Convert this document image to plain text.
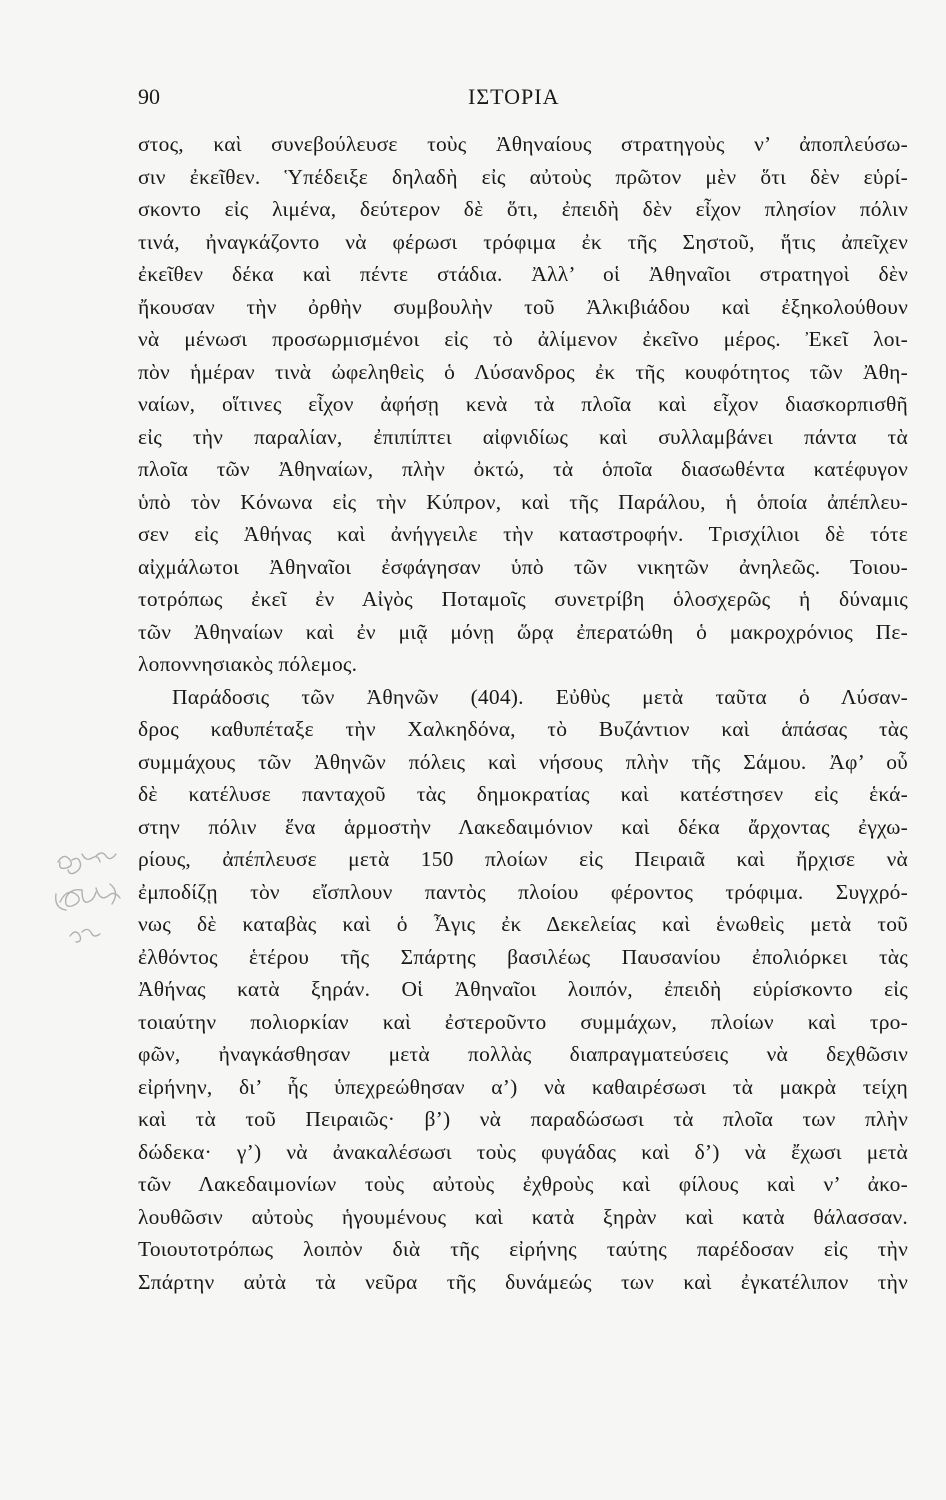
90	ΙΣΤΟΡΙΑ
στος, καὶ συνεβούλευσε τοὺς Ἀθηναίους στρατηγοὺς ν’ ἀποπλεύσω-
σιν ἐκεῖθεν. Ὑπέδειξε δηλαδὴ εἰς αὐτοὺς πρῶτον μὲν ὅτι δὲν εὑρί-
σκοντο εἰς λιμένα, δεύτερον δὲ ὅτι, ἐπειδὴ δὲν εἶχον πλησίον πόλιν
τινά, ἠναγκάζοντο νὰ φέρωσι τρόφιμα ἐκ τῆς Σηστοῦ, ἥτις ἀπεῖχεν
ἐκεῖθεν δέκα καὶ πέντε στάδια. Ἀλλ’ οἱ Ἀθηναῖοι στρατηγοὶ δὲν
ἤκουσαν τὴν ὀρθὴν συμβουλὴν τοῦ Ἀλκιβιάδου καὶ ἐξηκολούθουν
νὰ μένωσι προσωρμισμένοι εἰς τὸ ἀλίμενον ἐκεῖνο μέρος. Ἐκεῖ λοι-
πὸν ἡμέραν τινὰ ὠφεληθεὶς ὁ Λύσανδρος ἐκ τῆς κουφότητος τῶν Ἀθη-
ναίων, οἵτινες εἶχον ἀφήσῃ κενὰ τὰ πλοῖα καὶ εἶχον διασκορπισθῆ
εἰς τὴν παραλίαν, ἐπιπίπτει αἰφνιδίως καὶ συλλαμβάνει πάντα τὰ
πλοῖα τῶν Ἀθηναίων, πλὴν ὀκτώ, τὰ ὁποῖα διασωθέντα κατέφυγον
ὑπὸ τὸν Κόνωνα εἰς τὴν Κύπρον, καὶ τῆς Παράλου, ἡ ὁποία ἀπέπλευ-
σεν εἰς Ἀθήνας καὶ ἀνήγγειλε τὴν καταστροφήν. Τρισχίλιοι δὲ τότε
αἰχμάλωτοι Ἀθηναῖοι ἐσφάγησαν ὑπὸ τῶν νικητῶν ἀνηλεῶς. Τοιου-
τοτρόπως ἐκεῖ ἐν Αἰγὸς Ποταμοῖς συνετρίβη ὁλοσχερῶς ἡ δύναμις
τῶν Ἀθηναίων καὶ ἐν μιᾷ μόνῃ ὥρᾳ ἐπερατώθη ὁ μακροχρόνιος Πε-
λοποννησιακὸς πόλεμος.
Παράδοσις τῶν Ἀθηνῶν (404). Εὐθὺς μετὰ ταῦτα ὁ Λύσαν-
δρος καθυπέταξε τὴν Χαλκηδόνα, τὸ Βυζάντιον καὶ ἁπάσας τὰς
συμμάχους τῶν Ἀθηνῶν πόλεις καὶ νήσους πλὴν τῆς Σάμου. Ἀφ’ οὗ
δὲ κατέλυσε πανταχοῦ τὰς δημοκρατίας καὶ κατέστησεν εἰς ἑκά-
στην πόλιν ἕνα ἁρμοστὴν Λακεδαιμόνιον καὶ δέκα ἄρχοντας ἐγχω-
ρίους, ἀπέπλευσε μετὰ 150 πλοίων εἰς Πειραιᾶ καὶ ἤρχισε νὰ
ἐμποδίζῃ τὸν εἴσπλουν παντὸς πλοίου φέροντος τρόφιμα. Συγχρό-
νως δὲ καταβὰς καὶ ὁ Ἆγις ἐκ Δεκελείας καὶ ἑνωθεὶς μετὰ τοῦ
ἐλθόντος ἑτέρου τῆς Σπάρτης βασιλέως Παυσανίου ἐπολιόρκει τὰς
Ἀθήνας κατὰ ξηράν. Οἱ Ἀθηναῖοι λοιπόν, ἐπειδὴ εὑρίσκοντο εἰς
τοιαύτην πολιορκίαν καὶ ἐστεροῦντο συμμάχων, πλοίων καὶ τρο-
φῶν, ἠναγκάσθησαν μετὰ πολλὰς διαπραγματεύσεις νὰ δεχθῶσιν
εἰρήνην, δι’ ἧς ὑπεχρεώθησαν α’) νὰ καθαιρέσωσι τὰ μακρὰ τείχη
καὶ τὰ τοῦ Πειραιῶς· β’) νὰ παραδώσωσι τὰ πλοῖα των πλὴν
δώδεκα· γ’) νὰ ἀνακαλέσωσι τοὺς φυγάδας καὶ δ’) νὰ ἔχωσι μετὰ
τῶν Λακεδαιμονίων τοὺς αὐτοὺς ἐχθροὺς καὶ φίλους καὶ ν’ ἀκο-
λουθῶσιν αὐτοὺς ἡγουμένους καὶ κατὰ ξηρὰν καὶ κατὰ θάλασσαν.
Τοιουτοτρόπως λοιπὸν διὰ τῆς εἰρήνης ταύτης παρέδοσαν εἰς τὴν
Σπάρτην αὐτὰ τὰ νεῦρα τῆς δυνάμεώς των καὶ ἐγκατέλιπον τὴν
